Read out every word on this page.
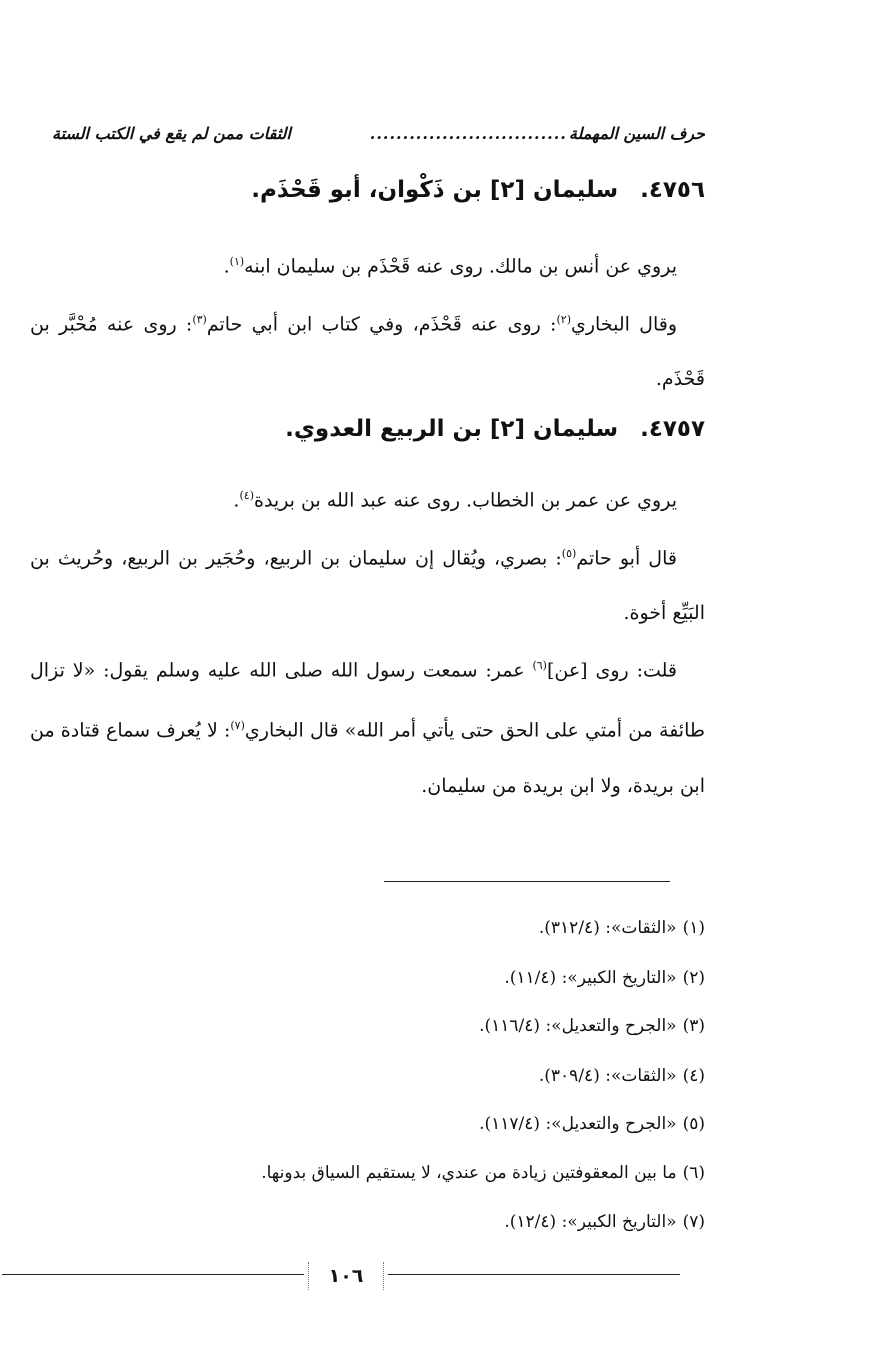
حرف السين المهملة
..............................
الثقات ممن لم يقع في الكتب الستة
٤٧٥٦. سليمان [٢] بن ذَكْوان، أبو قَحْذَم.
يروي عن أنس بن مالك. روى عنه قَحْذَم بن سليمان ابنه$^{(١)}$.
وقال البخاري$^{(٢)}$: روى عنه قَحْذَم، وفي كتاب ابن أبي حاتم$^{(٣)}$: روى عنه مُحْبَّر بن قَحْذَم.
٤٧٥٧. سليمان [٢] بن الربيع العدوي.
يروي عن عمر بن الخطاب. روى عنه عبد الله بن بريدة$^{(٤)}$.
قال أبو حاتم$^{(٥)}$: بصري، ويُقال إن سليمان بن الربيع، وحُجَير بن الربيع، وحُريث بن البَيِّع أخوة.
قلت: روى [عن]$^{(٦)}$ عمر: سمعت رسول الله صلى الله عليه وسلم يقول: «لا تزال طائفة من أمتي على الحق حتى يأتي أمر الله» قال البخاري$^{(٧)}$: لا يُعرف سماع قتادة من ابن بريدة، ولا ابن بريدة من سليمان.
(١)«الثقات»: (٣١٢/٤).
(٢)«التاريخ الكبير»: (١١/٤).
(٣)«الجرح والتعديل»: (١١٦/٤).
(٤)«الثقات»: (٣٠٩/٤).
(٥)«الجرح والتعديل»: (١١٧/٤).
(٦)ما بين المعقوفتين زيادة من عندي، لا يستقيم السياق بدونها.
(٧)«التاريخ الكبير»: (١٢/٤).
١٠٦
